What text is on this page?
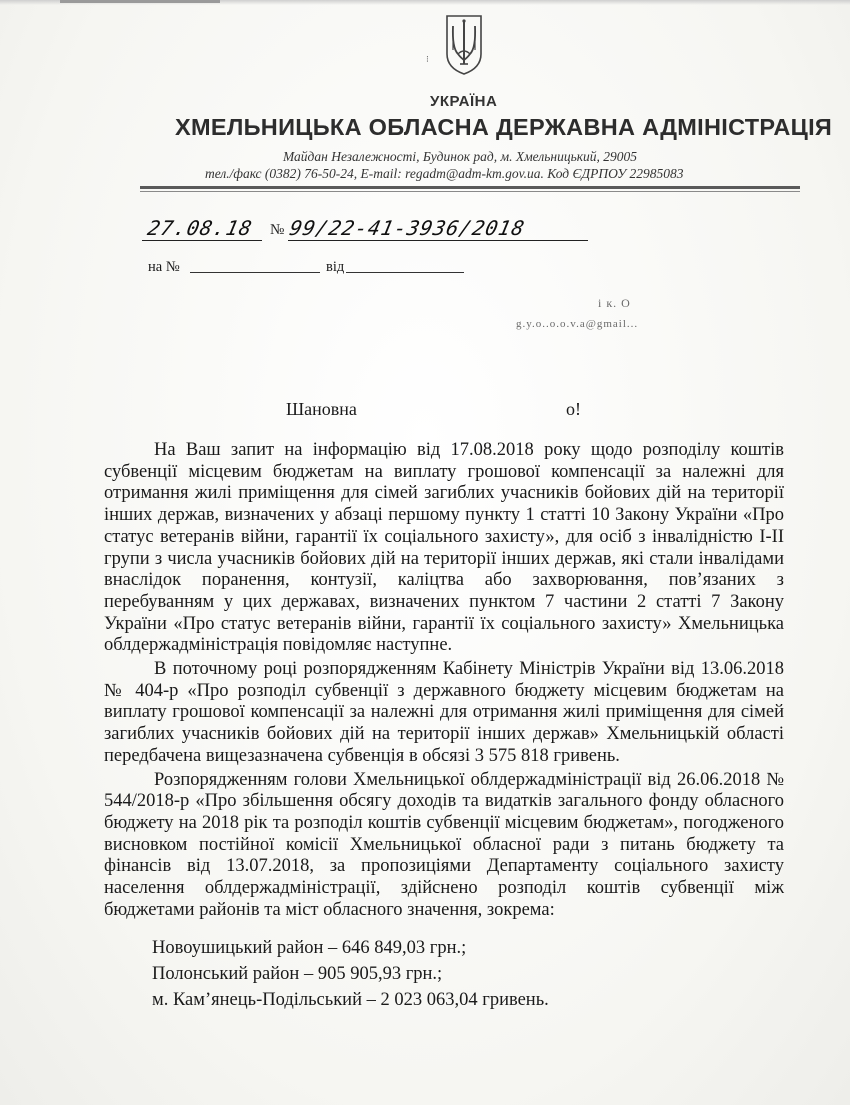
⁝
УКРАЇНА
ХМЕЛЬНИЦЬКА ОБЛАСНА ДЕРЖАВНА АДМІНІСТРАЦІЯ
Майдан Незалежності, Будинок рад, м. Хмельницький, 29005
тел./факс (0382) 76-50-24, E-mail: regadm@adm-km.gov.ua. Код ЄДРПОУ 22985083
27.08.18 № 99/22-41-3936/2018
на №	від
і к. О
g.y.o..o.o.v.a@gmail...
Шановна	о!

На Ваш запит на інформацію від 17.08.2018 року щодо розподілу коштів субвенції місцевим бюджетам на виплату грошової компенсації за належні для отримання жилі приміщення для сімей загиблих учасників бойових дій на території інших держав, визначених у абзаці першому пункту 1 статті 10 Закону України «Про статус ветеранів війни, гарантії їх соціального захисту», для осіб з інвалідністю І-ІІ групи з числа учасників бойових дій на території інших держав, які стали інвалідами внаслідок поранення, контузії, каліцтва або захворювання, пов’язаних з перебуванням у цих державах, визначених пунктом 7 частини 2 статті 7 Закону України «Про статус ветеранів війни, гарантії їх соціального захисту» Хмельницька облдержадміністрація повідомляє наступне.

В поточному році розпорядженням Кабінету Міністрів України від 13.06.2018 № 404-р «Про розподіл субвенції з державного бюджету місцевим бюджетам на виплату грошової компенсації за належні для отримання жилі приміщення для сімей загиблих учасників бойових дій на території інших держав» Хмельницькій області передбачена вищезазначена субвенція в обсязі 3 575 818 гривень.

Розпорядженням голови Хмельницької облдержадміністрації від 26.06.2018 № 544/2018-р «Про збільшення обсягу доходів та видатків загального фонду обласного бюджету на 2018 рік та розподіл коштів субвенції місцевим бюджетам», погодженого висновком постійної комісії Хмельницької обласної ради з питань бюджету та фінансів від 13.07.2018, за пропозиціями Департаменту соціального захисту населення облдержадміністрації, здійснено розподіл коштів субвенції між бюджетами районів та міст обласного значення, зокрема:

Новоушицький район – 646 849,03 грн.;
Полонський район – 905 905,93 грн.;
м. Кам’янець-Подільський – 2 023 063,04 гривень.
